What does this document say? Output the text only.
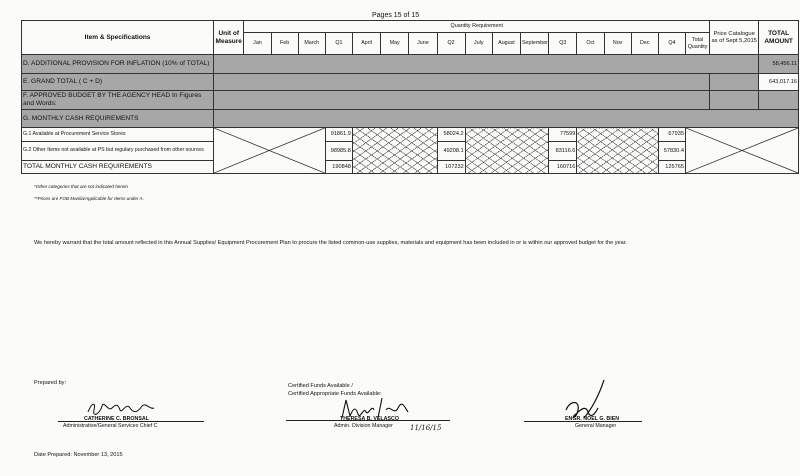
Pages 15 of 15
Item & Specifications	Unit of Measure	Quantity Requirement																	Price Catalogue as of Sept 5,2015	TOTAL AMOUNT
		Jan	Feb	March	Q1	April	May	June	Q2	July	August	September	Q3	Oct	Nov	Dec	Q4	Total Quantity		
D. ADDITIONAL PROVISION FOR INFLATION (10% of TOTAL)																				58,456.11
E. GRAND TOTAL ( C + D)																				643,017.16
F. APPROVED BUDGET BY THE AGENCY HEAD In Figures and Words:																				
G. MONTHLY CASH REQUIREMENTS																				
G.1 Available at Procurement Service Stores					91861.9				58024.2				77599				67935	

G.2 Other Items not available at PS but regulary purchased from other sources					98985.8				49208.1				83116.6				57830.4			
TOTAL MONTHLY CASH REQUIREMENTS					190848				107232				160716				125765			
*Other categories that are not indicated herein
**Prices are FOB Manila/Applicable for Items under A.
We hereby warrant that the total amount reflected in this Annual Supplies/ Equipment Procurement Plan to procure the listed common-use supplies, materials and equipment has been included in or is within our approved budget for the year.
Prepared by:
CATHERINE C. BRONSAL
Administrative/General Services Chief C
Certified Funds Available /
Certified Appropriate Funds Available:
THERESA B. VELASCO
Admin. Division Manager 11/16/15
ENGR. NOEL G. BIEN
General Manager
Date Prepared: November 13, 2015
